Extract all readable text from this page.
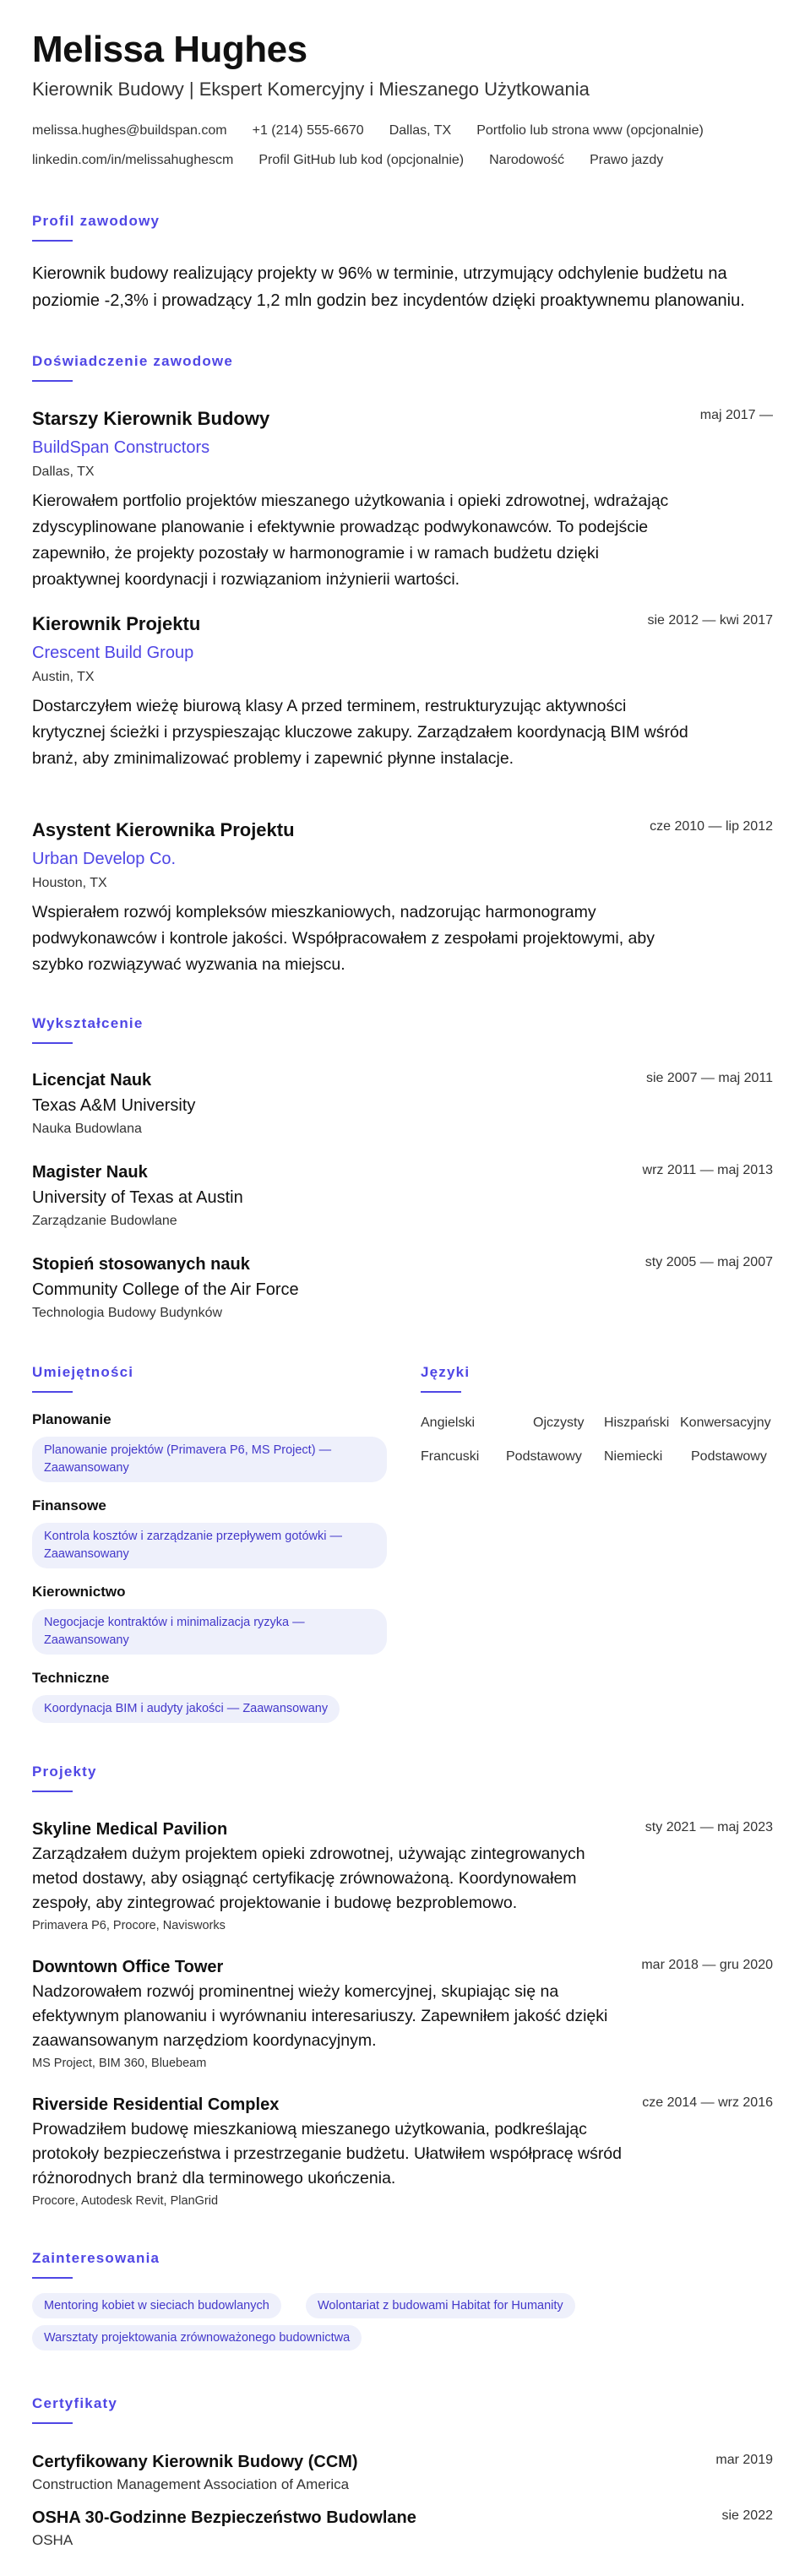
Melissa Hughes
Kierownik Budowy | Ekspert Komercyjny i Mieszanego Użytkowania
melissa.hughes@buildspan.com +1 (214) 555-6670 Dallas, TX Portfolio lub strona www (opcjonalnie)
linkedin.com/in/melissahughescm Profil GitHub lub kod (opcjonalnie) Narodowość Prawo jazdy
Profil zawodowy
Kierownik budowy realizujący projekty w 96% w terminie, utrzymujący odchylenie budżetu na poziomie -2,3% i prowadzący 1,2 mln godzin bez incydentów dzięki proaktywnemu planowaniu.
Doświadczenie zawodowe
Starszy Kierownik Budowy
BuildSpan Constructors
Dallas, TX
Kierowałem portfolio projektów mieszanego użytkowania i opieki zdrowotnej, wdrażając zdyscyplinowane planowanie i efektywnie prowadząc podwykonawców. To podejście zapewniło, że projekty pozostały w harmonogramie i w ramach budżetu dzięki proaktywnej koordynacji i rozwiązaniom inżynierii wartości.
maj 2017 —
Kierownik Projektu
Crescent Build Group
Austin, TX
Dostarczyłem wieżę biurową klasy A przed terminem, restrukturyzując aktywności krytycznej ścieżki i przyspieszając kluczowe zakupy. Zarządzałem koordynacją BIM wśród branż, aby zminimalizować problemy i zapewnić płynne instalacje.
sie 2012 — kwi 2017
Asystent Kierownika Projektu
Urban Develop Co.
Houston, TX
Wspierałem rozwój kompleksów mieszkaniowych, nadzorując harmonogramy podwykonawców i kontrole jakości. Współpracowałem z zespołami projektowymi, aby szybko rozwiązywać wyzwania na miejscu.
cze 2010 — lip 2012
Wykształcenie
Licencjat Nauk
Texas A&M University
Nauka Budowlana
sie 2007 — maj 2011
Magister Nauk
University of Texas at Austin
Zarządzanie Budowlane
wrz 2011 — maj 2013
Stopień stosowanych nauk
Community College of the Air Force
Technologia Budowy Budynków
sty 2005 — maj 2007
Umiejętności
Planowanie
Planowanie projektów (Primavera P6, MS Project) — Zaawansowany
Finansowe
Kontrola kosztów i zarządzanie przepływem gotówki — Zaawansowany
Kierownictwo
Negocjacje kontraktów i minimalizacja ryzyka — Zaawansowany
Techniczne
Koordynacja BIM i audyty jakości — Zaawansowany
Języki
Angielski	Ojczysty Hiszpański Konwersacyjny
Francuski Podstawowy Niemiecki Podstawowy
Projekty
Skyline Medical Pavilion
Zarządzałem dużym projektem opieki zdrowotnej, używając zintegrowanych metod dostawy, aby osiągnąć certyfikację zrównoważoną. Koordynowałem zespoły, aby zintegrować projektowanie i budowę bezproblemowo.
Primavera P6, Procore, Navisworks
sty 2021 — maj 2023
Downtown Office Tower
Nadzorowałem rozwój prominentnej wieży komercyjnej, skupiając się na efektywnym planowaniu i wyrównaniu interesariuszy. Zapewniłem jakość dzięki zaawansowanym narzędziom koordynacyjnym.
MS Project, BIM 360, Bluebeam
mar 2018 — gru 2020
Riverside Residential Complex
Prowadziłem budowę mieszkaniową mieszanego użytkowania, podkreślając protokoły bezpieczeństwa i przestrzeganie budżetu. Ułatwiłem współpracę wśród różnorodnych branż dla terminowego ukończenia.
Procore, Autodesk Revit, PlanGrid
cze 2014 — wrz 2016
Zainteresowania
Mentoring kobiet w sieciach budowlanych	Wolontariat z budowami Habitat for Humanity
Warsztaty projektowania zrównoważonego budownictwa
Certyfikaty
Certyfikowany Kierownik Budowy (CCM)
Construction Management Association of America
mar 2019
OSHA 30-Godzinne Bezpieczeństwo Budowlane
OSHA
sie 2022
